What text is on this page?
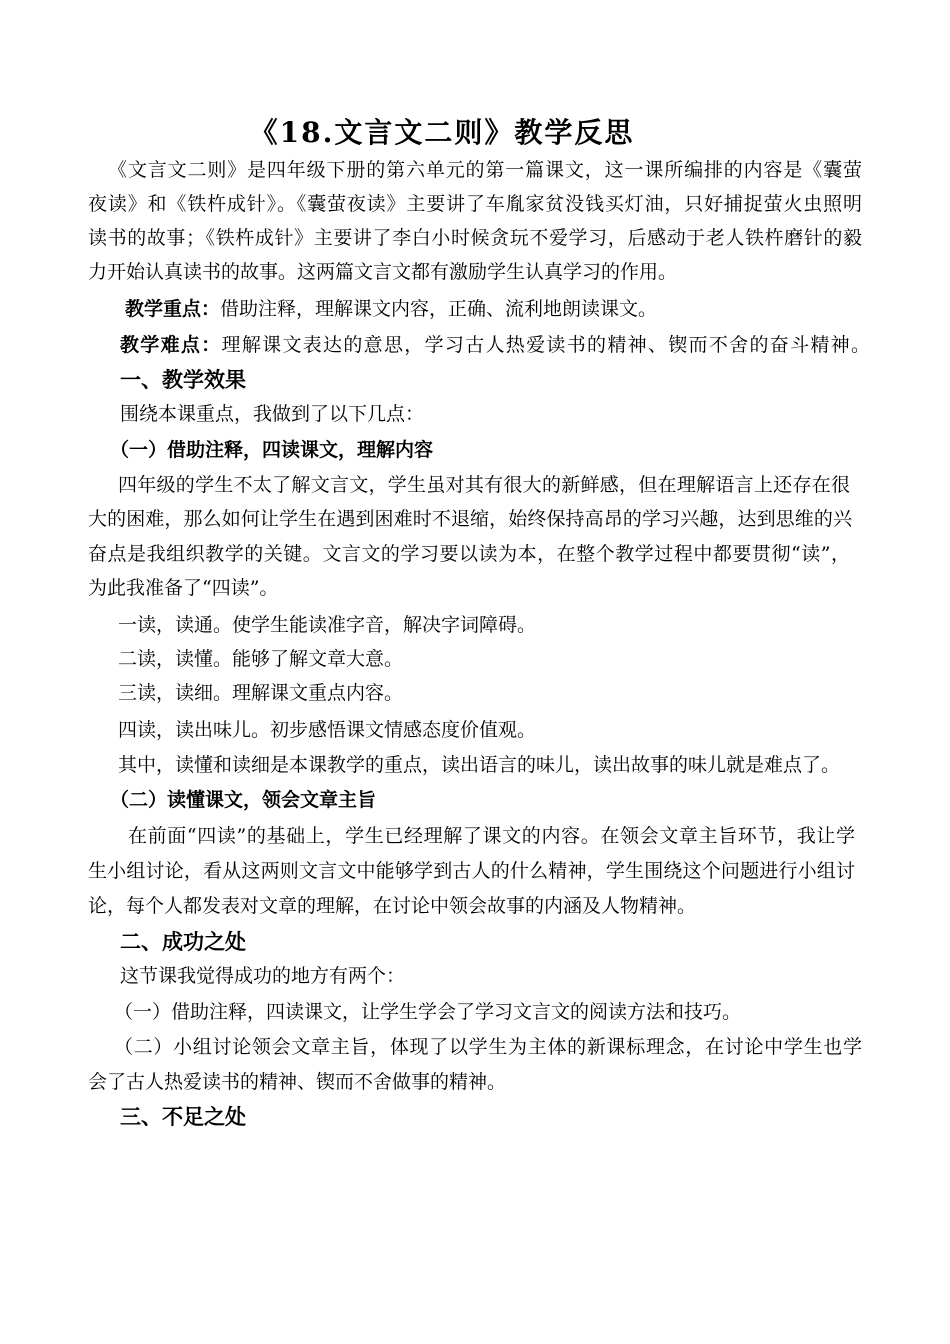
《18.文言文二则》教学反思
《文言文二则》是四年级下册的第六单元的第一篇课文，这一课所编排的内容是《囊萤
夜读》和《铁杵成针》。《囊萤夜读》主要讲了车胤家贫没钱买灯油，只好捕捉萤火虫照明
读书的故事；《铁杵成针》主要讲了李白小时候贪玩不爱学习，后感动于老人铁杵磨针的毅
力开始认真读书的故事。这两篇文言文都有激励学生认真学习的作用。
教学重点：借助注释，理解课文内容，正确、流利地朗读课文。
教学难点：理解课文表达的意思，学习古人热爱读书的精神、锲而不舍的奋斗精神。
一、教学效果
围绕本课重点，我做到了以下几点：
（一）借助注释，四读课文，理解内容
四年级的学生不太了解文言文，学生虽对其有很大的新鲜感，但在理解语言上还存在很
大的困难，那么如何让学生在遇到困难时不退缩，始终保持高昂的学习兴趣，达到思维的兴
奋点是我组织教学的关键。文言文的学习要以读为本，在整个教学过程中都要贯彻“读”，
为此我准备了“四读”。
一读，读通。使学生能读准字音，解决字词障碍。
二读，读懂。能够了解文章大意。
三读，读细。理解课文重点内容。
四读，读出味儿。初步感悟课文情感态度价值观。
其中，读懂和读细是本课教学的重点，读出语言的味儿，读出故事的味儿就是难点了。
（二）读懂课文，领会文章主旨
在前面“四读”的基础上，学生已经理解了课文的内容。在领会文章主旨环节，我让学
生小组讨论，看从这两则文言文中能够学到古人的什么精神，学生围绕这个问题进行小组讨
论，每个人都发表对文章的理解，在讨论中领会故事的内涵及人物精神。
二、成功之处
这节课我觉得成功的地方有两个：
（一）借助注释，四读课文，让学生学会了学习文言文的阅读方法和技巧。
（二）小组讨论领会文章主旨，体现了以学生为主体的新课标理念，在讨论中学生也学
会了古人热爱读书的精神、锲而不舍做事的精神。
三、不足之处
